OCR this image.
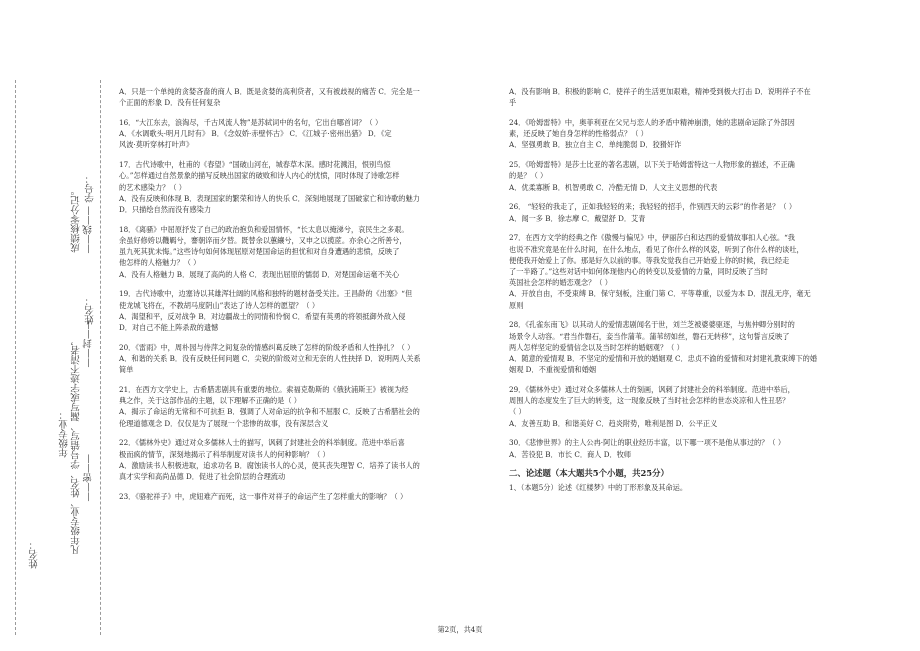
学号：
姓名：
成绩核零分记。
凡年级专业、姓名、学号错写、漏写或字迹不清者，
年级专业：
——密——
——封——
——线——
姓名：

A．只是一个单纯的贪婪吝啬的商人 B．既是贪婪的高利贷者，又有被歧视的痛苦 C．完全是一

个正面的形象 D．没有任何复杂

16．“大江东去，浪淘尽，千古风流人物”是苏轼词中的名句，它出自哪首词？（ ）

A．《水调歌头·明月几时有》 B．《念奴娇·赤壁怀古》 C．《江城子·密州出猎》 D．《定

风波·莫听穿林打叶声》

17．古代诗歌中，杜甫的《春望》“国破山河在，城春草木深。感时花溅泪，恨别鸟惊

心。”怎样通过自然景象的描写反映出国家的破败和诗人内心的忧愤，同时体现了诗歌怎样

的艺术感染力？（ ）

A．没有反映和体现 B．表现国家的繁荣和诗人的快乐 C．深刻地展现了国破家亡和诗歌的魅力

D．只描绘自然而没有感染力

18．《离骚》中屈原抒发了自己的政治抱负和爱国情怀，“长太息以掩涕兮，哀民生之多艰。

余虽好修姱以鞿羁兮，謇朝谇而夕替。既替余以蕙纕兮，又申之以揽茝。亦余心之所善兮，

虽九死其犹未悔。”这些诗句如何体现屈原对楚国命运的担忧和对自身遭遇的悲愤，反映了

他怎样的人格魅力？（ ）

A．没有人格魅力 B．展现了高尚的人格 C．表现出屈原的懦弱 D．对楚国命运毫不关心

19．古代诗歌中，边塞诗以其雄浑壮阔的风格和独特的题材备受关注。王昌龄的《出塞》“但

使龙城飞将在，不教胡马度阴山”表达了诗人怎样的愿望？（ ）

A．渴望和平，反对战争 B．对边疆战士的同情和怜悯 C．希望有英勇的将领抵御外敌入侵

D．对自己不能上阵杀敌的遗憾

20．《雷雨》中，周朴园与侍萍之间复杂的情感纠葛反映了怎样的阶级矛盾和人性挣扎？（ ）

A．和谐的关系 B．没有反映任何问题 C．尖锐的阶级对立和无奈的人性抉择 D．说明两人关系

简单

21．在西方文学史上，古希腊悲剧具有重要的地位。索福克勒斯的《俄狄浦斯王》被视为经

典之作，关于这部作品的主题，以下理解不正确的是（ ）

A．揭示了命运的无常和不可抗拒 B．强调了人对命运的抗争和不屈服 C．反映了古希腊社会的

伦理道德观念 D．仅仅是为了展现一个悲惨的故事，没有深层含义

22．《儒林外史》通过对众多儒林人士的描写，讽刺了封建社会的科举制度。范进中举后喜

极而疯的情节，深刻地揭示了科举制度对读书人的何种影响？（ ）

A．激励读书人积极进取，追求功名 B．腐蚀读书人的心灵，使其丧失理智 C．培养了读书人的

真才实学和高尚品德 D．促进了社会阶层的合理流动

23．《骆驼祥子》中，虎妞难产而死，这一事件对祥子的命运产生了怎样重大的影响？（ ）

A．没有影响 B．积极的影响 C．使祥子的生活更加艰难，精神受到极大打击 D．说明祥子不在

乎

24．《哈姆雷特》中，奥菲利亚在父兄与恋人的矛盾中精神崩溃，她的悲剧命运除了外部因

素，还反映了她自身怎样的性格弱点？（ ）

A．坚强勇敢 B．独立自主 C．单纯脆弱 D．狡猾奸诈

25．《哈姆雷特》是莎士比亚的著名悲剧，以下关于哈姆雷特这一人物形象的描述，不正确

的是？（ ）

A．优柔寡断 B．机智勇敢 C．冷酷无情 D．人文主义思想的代表

26． “轻轻的我走了，正如我轻轻的来；我轻轻的招手，作别西天的云彩”的作者是？（ ）

A．闻一多 B．徐志摩 C．戴望舒 D．艾青

27．在西方文学的经典之作《傲慢与偏见》中，伊丽莎白和达西的爱情故事扣人心弦。“我

也说不准究竟是在什么时间，在什么地点，看见了你什么样的风姿，听到了你什么样的谈吐，

便使我开始爱上了你。那是好久以前的事。等我发觉我自己开始爱上你的时候，我已经走

了一半路了。”这些对话中如何体现他内心的转变以及爱情的力量，同时反映了当时

英国社会怎样的婚恋观念？（ ）

A．开放自由，不受束缚 B．保守刻板，注重门第 C．平等尊重，以爱为本 D．混乱无序，毫无

原则

28．《孔雀东南飞》以其动人的爱情悲剧闻名于世，刘兰芝被婆婆驱逐，与焦仲卿分别时的

场景令人动容。“君当作磐石，妾当作蒲苇。蒲苇纫如丝，磐石无转移”，这句誓言反映了

两人怎样坚定的爱情信念以及当时怎样的婚姻观？（ ）

A．随意的爱情观 B．不坚定的爱情和开放的婚姻观 C．忠贞不渝的爱情和对封建礼教束缚下的婚

姻观 D．不重视爱情和婚姻

29．《儒林外史》通过对众多儒林人士的刻画，讽刺了封建社会的科举制度。范进中举后，

周围人的态度发生了巨大的转变，这一现象反映了当时社会怎样的世态炎凉和人性丑恶？

（ ）

A．友善互助 B．和谐美好 C．趋炎附势，唯利是图 D．公平正义

30．《悲惨世界》的主人公冉·阿让的职业经历丰富，以下哪一项不是他从事过的？（ ）

A．苦役犯 B．市长 C．商人 D．牧师

二、论述题（本大题共5个小题，共25分）

1、（本题5分）论述《红楼梦》中的丁形形象及其命运。

第2页，共4页
